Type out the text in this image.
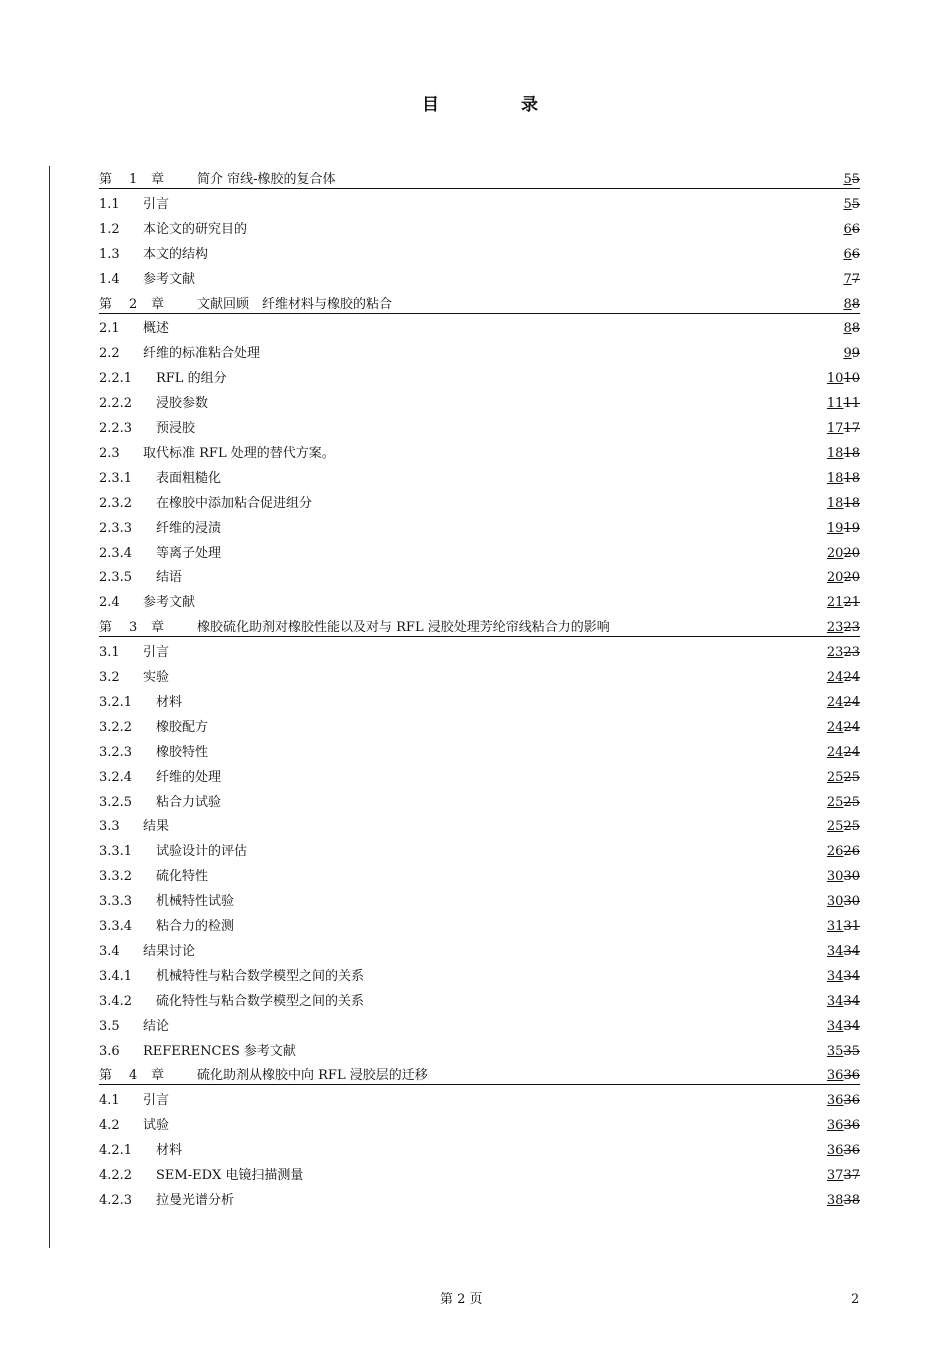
目	录
第 1 章	简介 帘线-橡胶的复合体	55
1.1 引言	55
1.2 本论文的研究目的	66
1.3 本文的结构	66
1.4 参考文献	77
第 2 章	文献回顾　纤维材料与橡胶的粘合	88
2.1 概述	88
2.2 纤维的标准粘合处理	99
2.2.1 RFL 的组分	1010
2.2.2 浸胶参数	1111
2.2.3 预浸胶	1717
2.3 取代标准 RFL 处理的替代方案。	1818
2.3.1 表面粗糙化	1818
2.3.2 在橡胶中添加粘合促进组分	1818
2.3.3 纤维的浸渍	1919
2.3.4 等离子处理	2020
2.3.5 结语	2020
2.4 参考文献	2121
第 3 章	橡胶硫化助剂对橡胶性能以及对与 RFL 浸胶处理芳纶帘线粘合力的影响	2323
3.1 引言	2323
3.2 实验	2424
3.2.1 材料	2424
3.2.2 橡胶配方	2424
3.2.3 橡胶特性	2424
3.2.4 纤维的处理	2525
3.2.5 粘合力试验	2525
3.3 结果	2525
3.3.1 试验设计的评估	2626
3.3.2 硫化特性	3030
3.3.3 机械特性试验	3030
3.3.4 粘合力的检测	3131
3.4 结果讨论	3434
3.4.1 机械特性与粘合数学模型之间的关系	3434
3.4.2 硫化特性与粘合数学模型之间的关系	3434
3.5 结论	3434
3.6 REFERENCES 参考文献	3535
第 4 章	硫化助剂从橡胶中向 RFL 浸胶层的迁移	3636
4.1 引言	3636
4.2 试验	3636
4.2.1 材料	3636
4.2.2 SEM-EDX 电镜扫描测量	3737
4.2.3 拉曼光谱分析	3838
第 2 页	2
